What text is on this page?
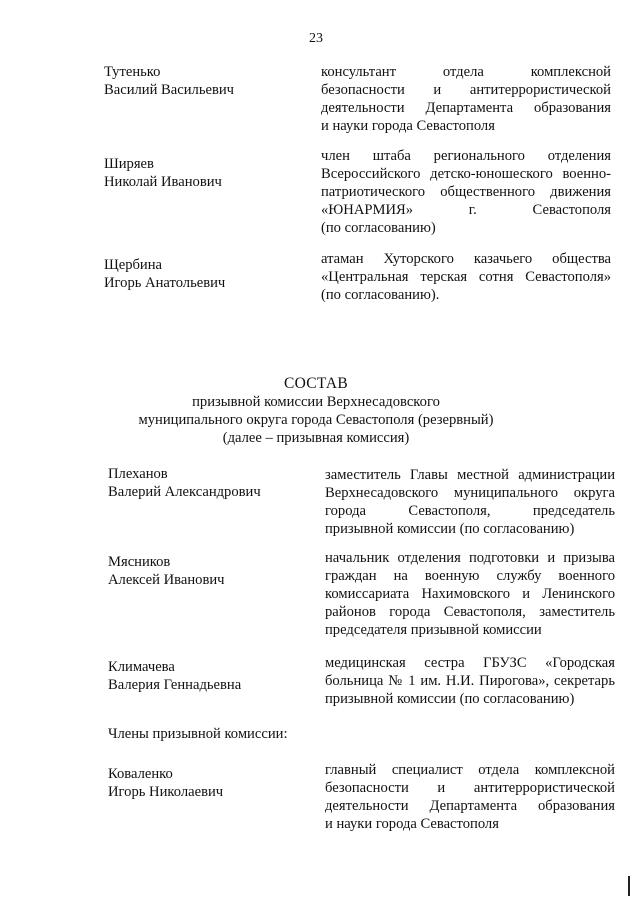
23
Тутенько
Василий Васильевич
консультант отдела комплексной
безопасности и антитеррористической
деятельности Департамента образования
и науки города Севастополя
Ширяев
Николай Иванович
член штаба регионального отделения
Всероссийского детско-юношеского военно-
патриотического общественного движения
«ЮНАРМИЯ» г. Севастополя
(по согласованию)
Щербина
Игорь Анатольевич
атаман Хуторского казачьего общества
«Центральная терская сотня Севастополя»
(по согласованию).
СОСТАВ
призывной комиссии Верхнесадовского
муниципального округа города Севастополя (резервный)
(далее – призывная комиссия)
Плеханов
Валерий Александрович
заместитель Главы местной администрации
Верхнесадовского муниципального округа
города Севастополя, председатель
призывной комиссии (по согласованию)
Мясников
Алексей Иванович
начальник отделения подготовки и призыва
граждан на военную службу военного
комиссариата Нахимовского и Ленинского
районов города Севастополя, заместитель
председателя призывной комиссии
Климачева
Валерия Геннадьевна
медицинская сестра ГБУЗС «Городская
больница № 1 им. Н.И. Пирогова», секретарь
призывной комиссии (по согласованию)
Члены призывной комиссии:
Коваленко
Игорь Николаевич
главный специалист отдела комплексной
безопасности и антитеррористической
деятельности Департамента образования
и науки города Севастополя
